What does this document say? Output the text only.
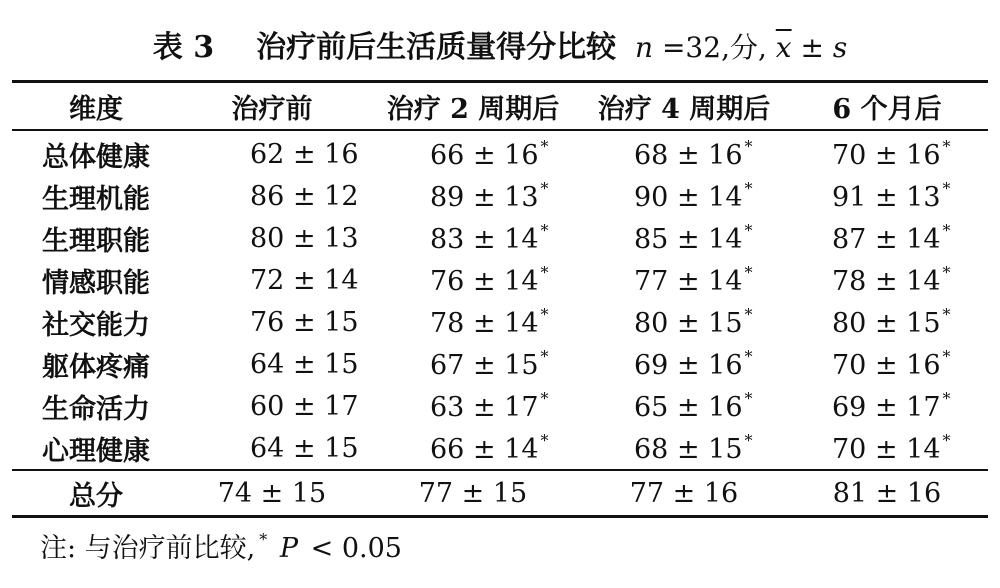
表 3 治疗前后生活质量得分比较 n =32,分, $\overline{x} \pm s$
维度	治疗前	治疗 2 周期后	治疗 4 周期后	6 个月后
总体健康	62 ± 16	66 ± 16 *	68 ± 16 *	70 ± 16 *
生理机能	86 ± 12	89 ± 13 *	90 ± 14 *	91 ± 13 *
生理职能	80 ± 13	83 ± 14 *	85 ± 14 *	87 ± 14 *
情感职能	72 ± 14	76 ± 14 *	77 ± 14 *	78 ± 14 *
社交能力	76 ± 15	78 ± 14 *	80 ± 15 *	80 ± 15 *
躯体疼痛	64 ± 15	67 ± 15 *	69 ± 16 *	70 ± 16 *
生命活力	60 ± 17	63 ± 17 *	65 ± 16 *	69 ± 17 *
心理健康	64 ± 15	66 ± 14 *	68 ± 15 *	70 ± 14 *
总分	74 ± 15	77 ± 15	77 ± 16	81 ± 16
注: 与治疗前比较, * P < 0.05
